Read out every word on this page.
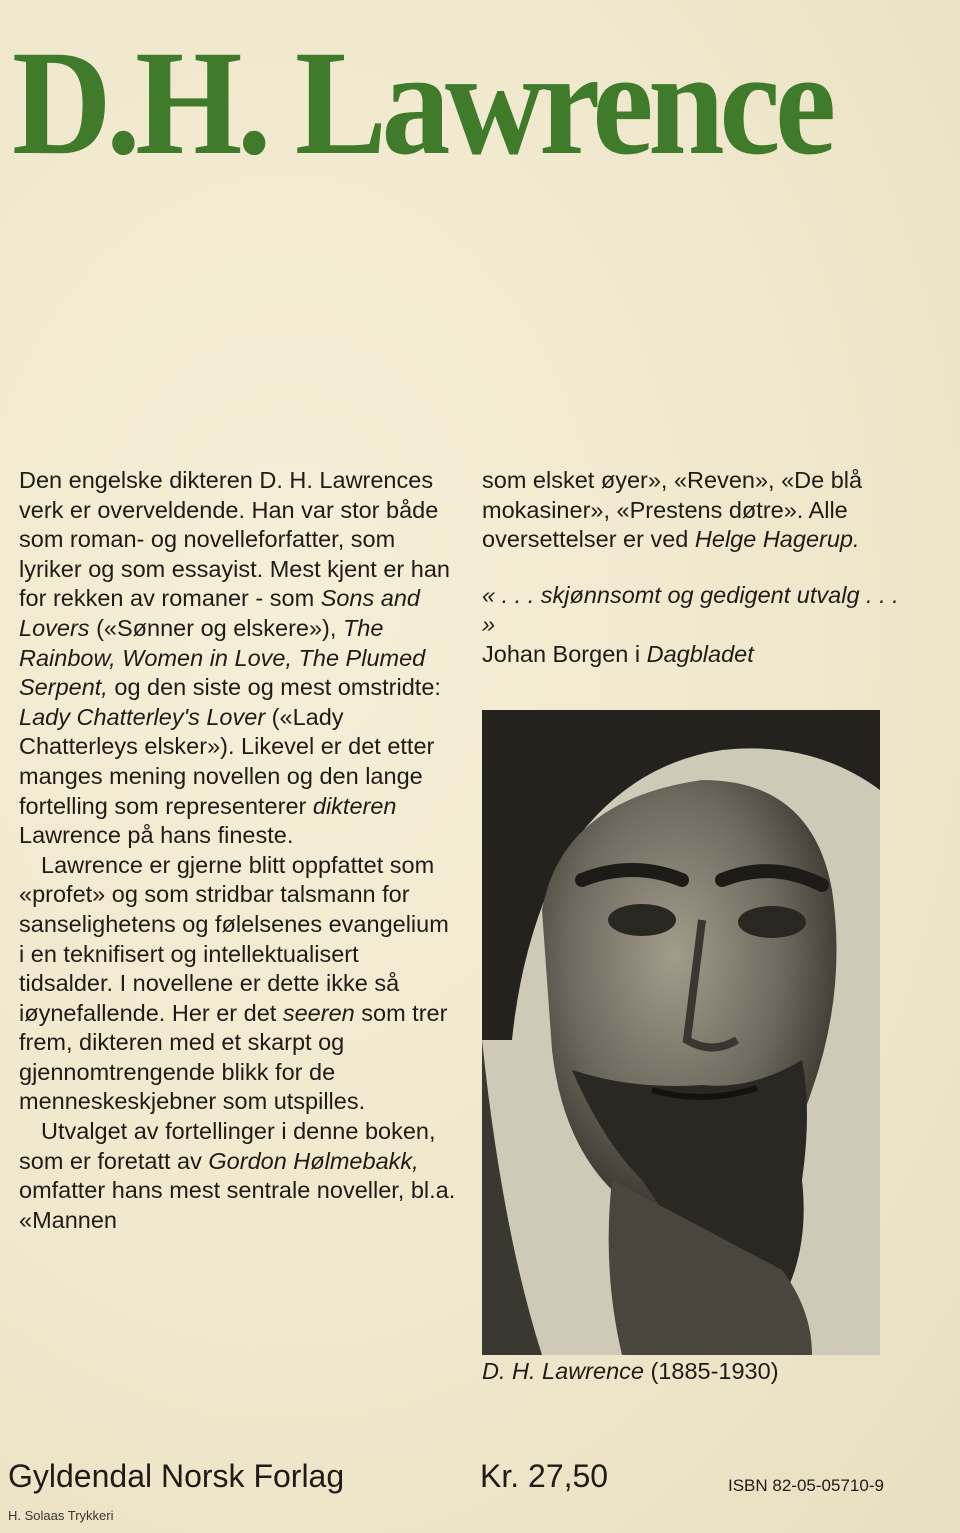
D.H. Lawrence

Den engelske dikteren D. H. Lawrences verk er overveldende. Han var stor både som roman- og novelleforfatter, som lyriker og som essayist. Mest kjent er han for rekken av romaner - som Sons and Lovers («Sønner og elskere»), The Rainbow, Women in Love, The Plumed Serpent, og den siste og mest omstridte: Lady Chatterley's Lover («Lady Chatterleys elsker»). Likevel er det etter manges mening novellen og den lange fortelling som representerer dikteren Lawrence på hans fineste.

Lawrence er gjerne blitt oppfattet som «profet» og som stridbar talsmann for sanselighetens og følelsenes evangelium i en teknifisert og intellektualisert tidsalder. I novellene er dette ikke så iøynefallende. Her er det seeren som trer frem, dikteren med et skarpt og gjennomtrengende blikk for de menneskeskjebner som utspilles.

Utvalget av fortellinger i denne boken, som er foretatt av Gordon Hølmebakk, omfatter hans mest sentrale noveller, bl.a. «Mannen

som elsket øyer», «Reven», «De blå mokasiner», «Prestens døtre». Alle oversettelser er ved Helge Hagerup.

« . . . skjønnsomt og gedigent utvalg . . . »

Johan Borgen i Dagbladet

D. H. Lawrence (1885-1930)
Gyldendal Norsk Forlag	Kr. 27,50	ISBN 82-05-05710-9
H. Solaas Trykkeri
